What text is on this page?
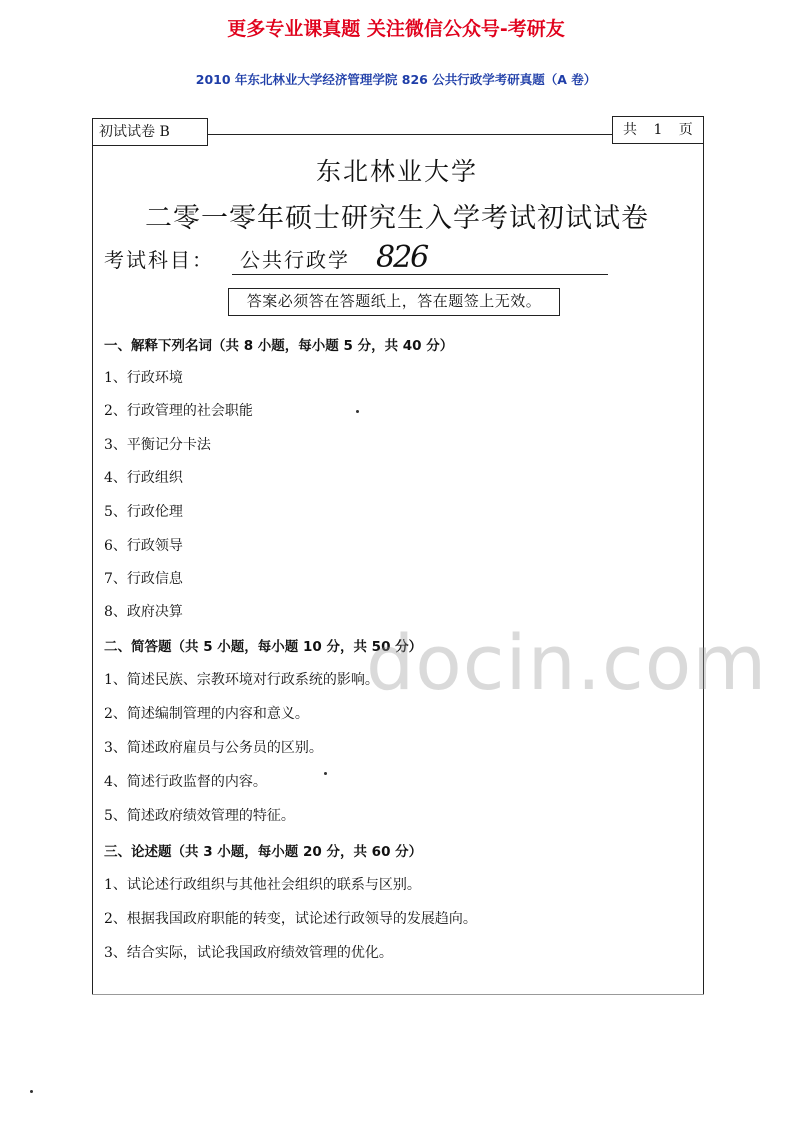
更多专业课真题 关注微信公众号-考研友
2010 年东北林业大学经济管理学院 826 公共行政学考研真题（A 卷）
初试试卷 B	共 1 页
东北林业大学
二零一零年硕士研究生入学考试初试试卷
考试科目： 公共行政学 826
答案必须答在答题纸上，答在题签上无效。
一、解释下列名词（共 8 小题，每小题 5 分，共 40 分）
1、行政环境
2、行政管理的社会职能
3、平衡记分卡法
4、行政组织
5、行政伦理
6、行政领导
7、行政信息
8、政府决算
二、简答题（共 5 小题，每小题 10 分，共 50 分）
1、简述民族、宗教环境对行政系统的影响。
2、简述编制管理的内容和意义。
3、简述政府雇员与公务员的区别。
4、简述行政监督的内容。
5、简述政府绩效管理的特征。
三、论述题（共 3 小题，每小题 20 分，共 60 分）
1、试论述行政组织与其他社会组织的联系与区别。
2、根据我国政府职能的转变，试论述行政领导的发展趋向。
3、结合实际，试论我国政府绩效管理的优化。
docin.com
